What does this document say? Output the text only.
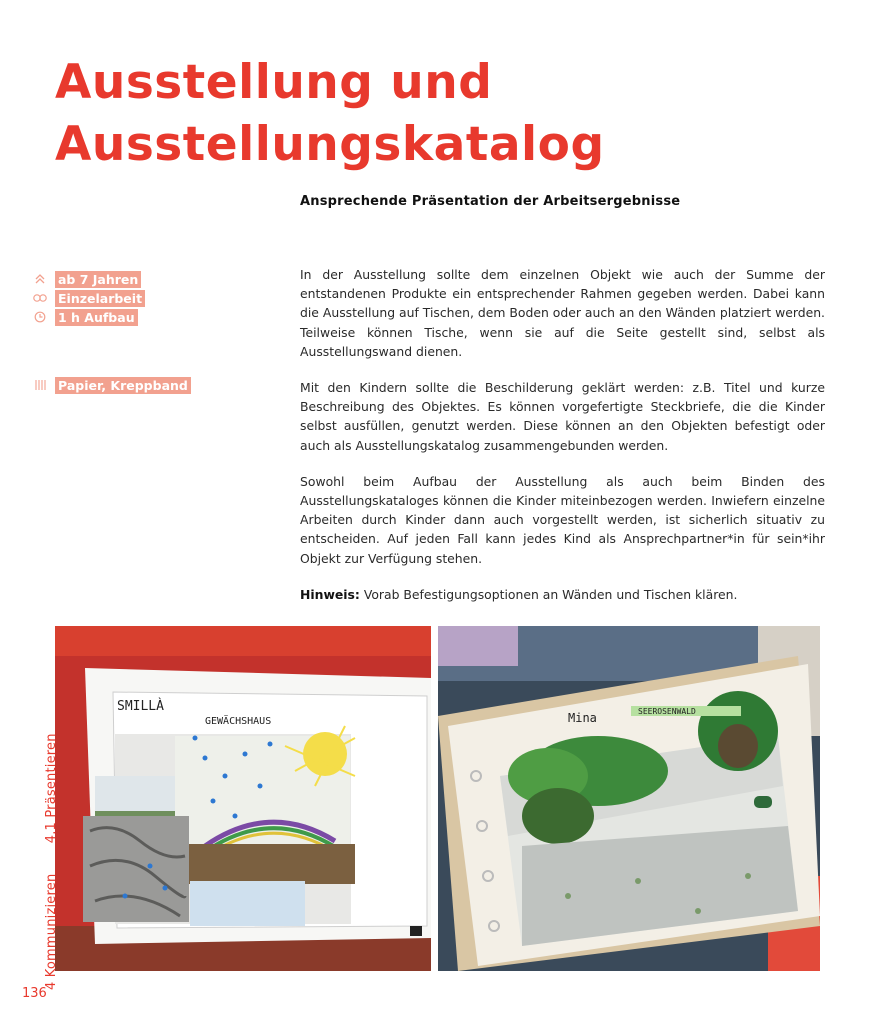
Ausstellung und
Ausstellungskatalog
Ansprechende Präsentation der Arbeitsergebnisse
ab 7 Jahren
Einzelarbeit
1 h Aufbau
Papier, Kreppband

In der Ausstellung sollte dem einzelnen Objekt wie auch der Summe der entstandenen Produkte ein entsprechender Rahmen gegeben werden. Dabei kann die Ausstellung auf Tischen, dem Boden oder auch an den Wänden platziert werden. Teilweise können Tische, wenn sie auf die Seite gestellt sind, selbst als Ausstellungswand dienen.

Mit den Kindern sollte die Beschilderung geklärt werden: z.B. Titel und kurze Beschreibung des Objektes. Es können vorgefertigte Steckbriefe, die die Kinder selbst ausfüllen, genutzt werden. Diese können an den Objekten befestigt oder auch als Ausstellungskatalog zusammengebunden werden.

Sowohl beim Aufbau der Ausstellung als auch beim Binden des Ausstellungskataloges können die Kinder miteinbezogen werden. Inwiefern einzelne Arbeiten durch Kinder dann auch vorgestellt werden, ist sicherlich situativ zu entscheiden. Auf jeden Fall kann jedes Kind als Ansprechpartner*in für sein*ihr Objekt zur Verfügung stehen.

Hinweis: Vorab Befestigungsoptionen an Wänden und Tischen klären.

SMILLÀ
GEWÄCHSHAUS	Mina	SEEROSENWALD
4 Kommunizieren 4.1 Präsentieren
136
